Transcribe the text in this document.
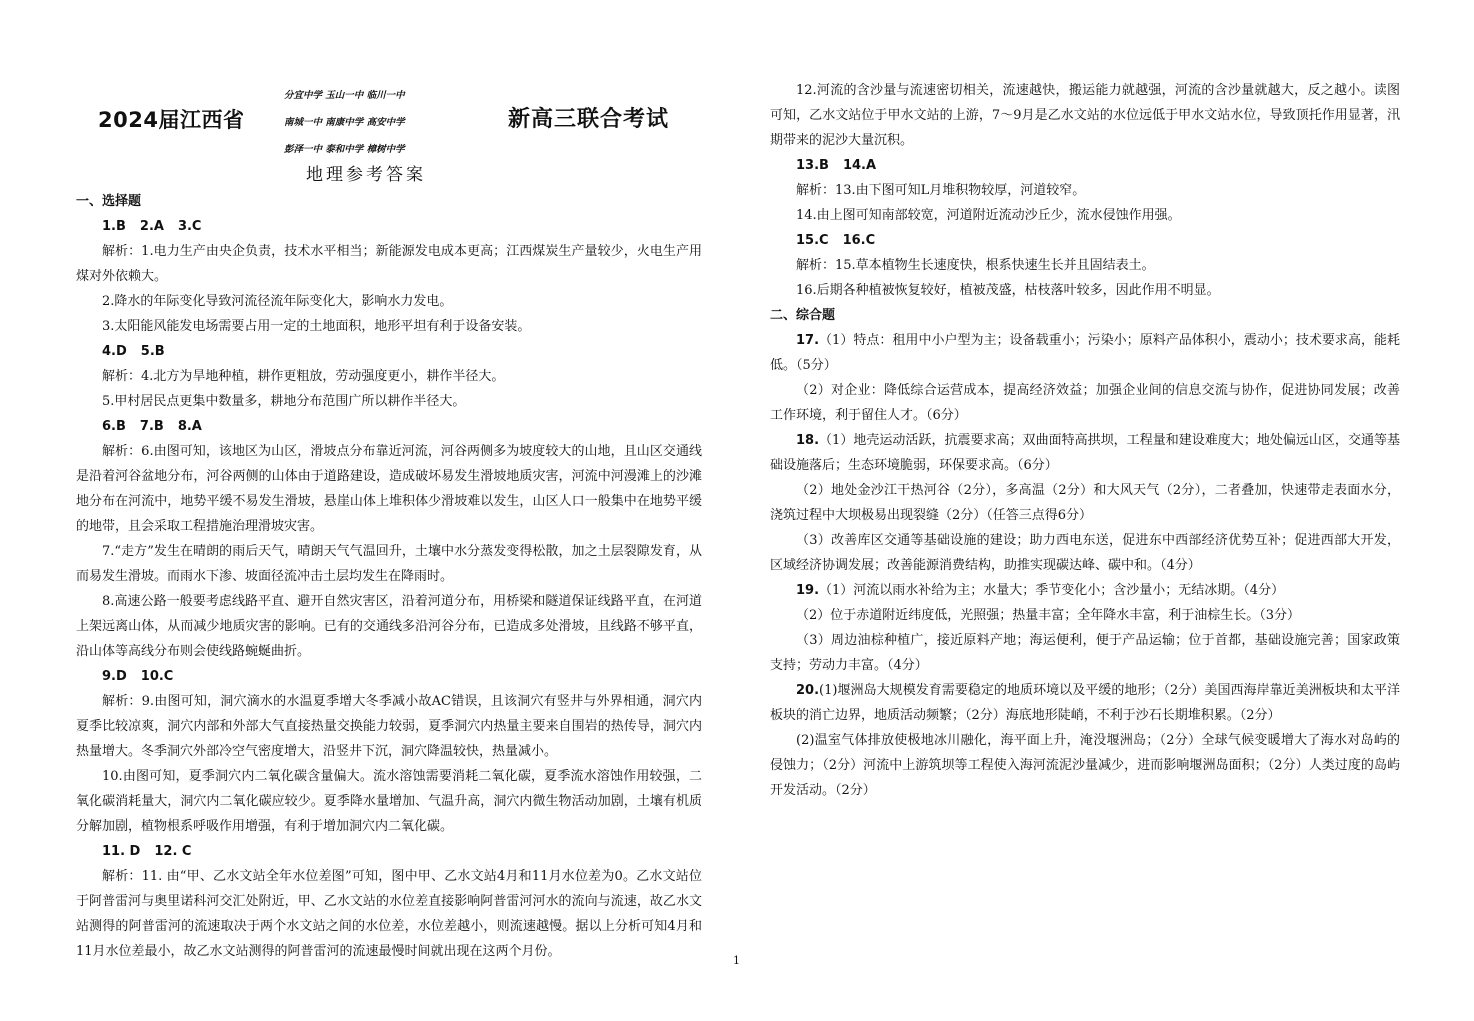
2024届江西省
分宜中学 玉山一中 临川一中
南城一中 南康中学 高安中学
彭泽一中 泰和中学 樟树中学
新高三联合考试
地理参考答案

一、选择题

1.B 2.A 3.C

解析：1.电力生产由央企负责，技术水平相当；新能源发电成本更高；江西煤炭生产量较少，火电生产用煤对外依赖大。

2.降水的年际变化导致河流径流年际变化大，影响水力发电。

3.太阳能风能发电场需要占用一定的土地面积，地形平坦有利于设备安装。

4.D 5.B

解析：4.北方为旱地种植，耕作更粗放，劳动强度更小，耕作半径大。

5.甲村居民点更集中数量多，耕地分布范围广所以耕作半径大。

6.B 7.B 8.A

解析：6.由图可知，该地区为山区，滑坡点分布靠近河流，河谷两侧多为坡度较大的山地，且山区交通线是沿着河谷盆地分布，河谷两侧的山体由于道路建设，造成破坏易发生滑坡地质灾害，河流中河漫滩上的沙滩地分布在河流中，地势平缓不易发生滑坡，悬崖山体上堆积体少滑坡难以发生，山区人口一般集中在地势平缓的地带，且会采取工程措施治理滑坡灾害。

7.“走方”发生在晴朗的雨后天气，晴朗天气气温回升，土壤中水分蒸发变得松散，加之土层裂隙发育，从而易发生滑坡。而雨水下渗、坡面径流冲击土层均发生在降雨时。

8.高速公路一般要考虑线路平直、避开自然灾害区，沿着河道分布，用桥梁和隧道保证线路平直，在河道上架远离山体，从而减少地质灾害的影响。已有的交通线多沿河谷分布，已造成多处滑坡，且线路不够平直，沿山体等高线分布则会使线路蜿蜒曲折。

9.D 10.C

解析：9.由图可知，洞穴滴水的水温夏季增大冬季减小故AC错误，且该洞穴有竖井与外界相通，洞穴内夏季比较凉爽，洞穴内部和外部大气直接热量交换能力较弱，夏季洞穴内热量主要来自围岩的热传导，洞穴内热量增大。冬季洞穴外部冷空气密度增大，沿竖井下沉，洞穴降温较快，热量减小。

10.由图可知，夏季洞穴内二氧化碳含量偏大。流水溶蚀需要消耗二氧化碳，夏季流水溶蚀作用较强，二氧化碳消耗量大，洞穴内二氧化碳应较少。夏季降水量增加、气温升高，洞穴内微生物活动加剧，土壤有机质分解加剧，植物根系呼吸作用增强，有利于增加洞穴内二氧化碳。

11. D 12. C

解析：11. 由“甲、乙水文站全年水位差图”可知，图中甲、乙水文站4月和11月水位差为0。乙水文站位于阿普雷河与奥里诺科河交汇处附近，甲、乙水文站的水位差直接影响阿普雷河河水的流向与流速，故乙水文站测得的阿普雷河的流速取决于两个水文站之间的水位差，水位差越小，则流速越慢。据以上分析可知4月和11月水位差最小，故乙水文站测得的阿普雷河的流速最慢时间就出现在这两个月份。

12.河流的含沙量与流速密切相关，流速越快，搬运能力就越强，河流的含沙量就越大，反之越小。读图可知，乙水文站位于甲水文站的上游，7～9月是乙水文站的水位远低于甲水文站水位，导致顶托作用显著，汛期带来的泥沙大量沉积。

13.B 14.A

解析：13.由下图可知L月堆积物较厚，河道较窄。

14.由上图可知南部较宽，河道附近流动沙丘少，流水侵蚀作用强。

15.C 16.C

解析：15.草本植物生长速度快，根系快速生长并且固结表土。

16.后期各种植被恢复较好，植被茂盛，枯枝落叶较多，因此作用不明显。

二、综合题

17.（1）特点：租用中小户型为主；设备载重小；污染小；原料产品体积小，震动小；技术要求高，能耗低。（5分）

（2）对企业：降低综合运营成本，提高经济效益；加强企业间的信息交流与协作，促进协同发展；改善工作环境，利于留住人才。（6分）

18.（1）地壳运动活跃，抗震要求高；双曲面特高拱坝，工程量和建设难度大；地处偏远山区，交通等基础设施落后；生态环境脆弱，环保要求高。（6分）

（2）地处金沙江干热河谷（2分），多高温（2分）和大风天气（2分），二者叠加，快速带走表面水分，浇筑过程中大坝极易出现裂缝（2分）（任答三点得6分）

（3）改善库区交通等基础设施的建设；助力西电东送，促进东中西部经济优势互补；促进西部大开发，区域经济协调发展；改善能源消费结构，助推实现碳达峰、碳中和。（4分）

19.（1）河流以雨水补给为主；水量大；季节变化小；含沙量小；无结冰期。（4分）

（2）位于赤道附近纬度低，光照强；热量丰富；全年降水丰富，利于油棕生长。（3分）

（3）周边油棕种植广，接近原料产地；海运便利，便于产品运输；位于首都，基础设施完善；国家政策支持；劳动力丰富。（4分）

20.(1)堰洲岛大规模发育需要稳定的地质环境以及平缓的地形；（2分）美国西海岸靠近美洲板块和太平洋板块的消亡边界，地质活动频繁；（2分）海底地形陡峭，不利于沙石长期堆积累。（2分）

(2)温室气体排放使极地冰川融化，海平面上升，淹没堰洲岛；（2分）全球气候变暖增大了海水对岛屿的侵蚀力；（2分）河流中上游筑坝等工程使入海河流泥沙量减少，进而影响堰洲岛面积；（2分）人类过度的岛屿开发活动。（2分）

1
